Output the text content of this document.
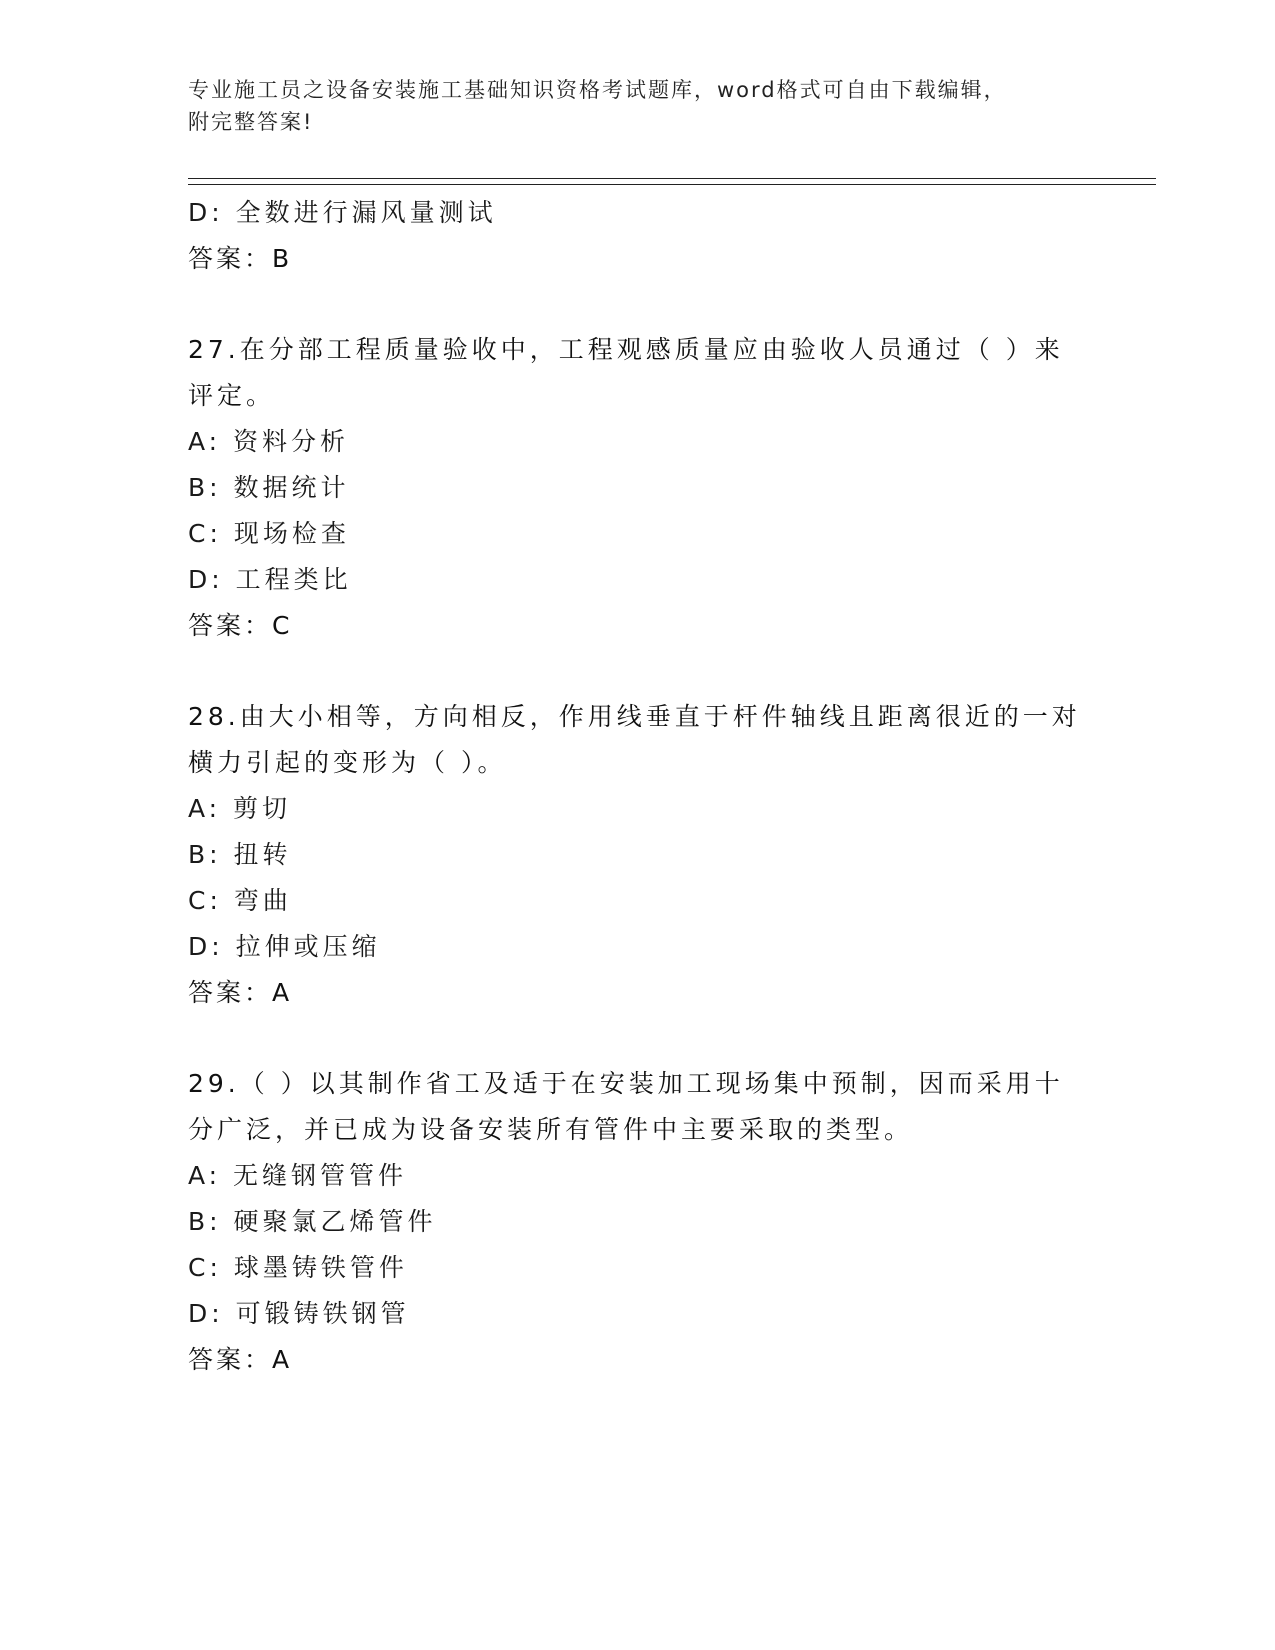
专业施工员之设备安装施工基础知识资格考试题库，word格式可自由下载编辑，
附完整答案!
D: 全数进行漏风量测试
答案：B
27.在分部工程质量验收中，工程观感质量应由验收人员通过（ ）来
评定。
A: 资料分析
B: 数据统计
C: 现场检查
D: 工程类比
答案：C
28.由大小相等，方向相反，作用线垂直于杆件轴线且距离很近的一对
横力引起的变形为（ ）。
A: 剪切
B: 扭转
C: 弯曲
D: 拉伸或压缩
答案：A
29.（ ）以其制作省工及适于在安装加工现场集中预制，因而采用十
分广泛，并已成为设备安装所有管件中主要采取的类型。
A: 无缝钢管管件
B: 硬聚氯乙烯管件
C: 球墨铸铁管件
D: 可锻铸铁钢管
答案：A
